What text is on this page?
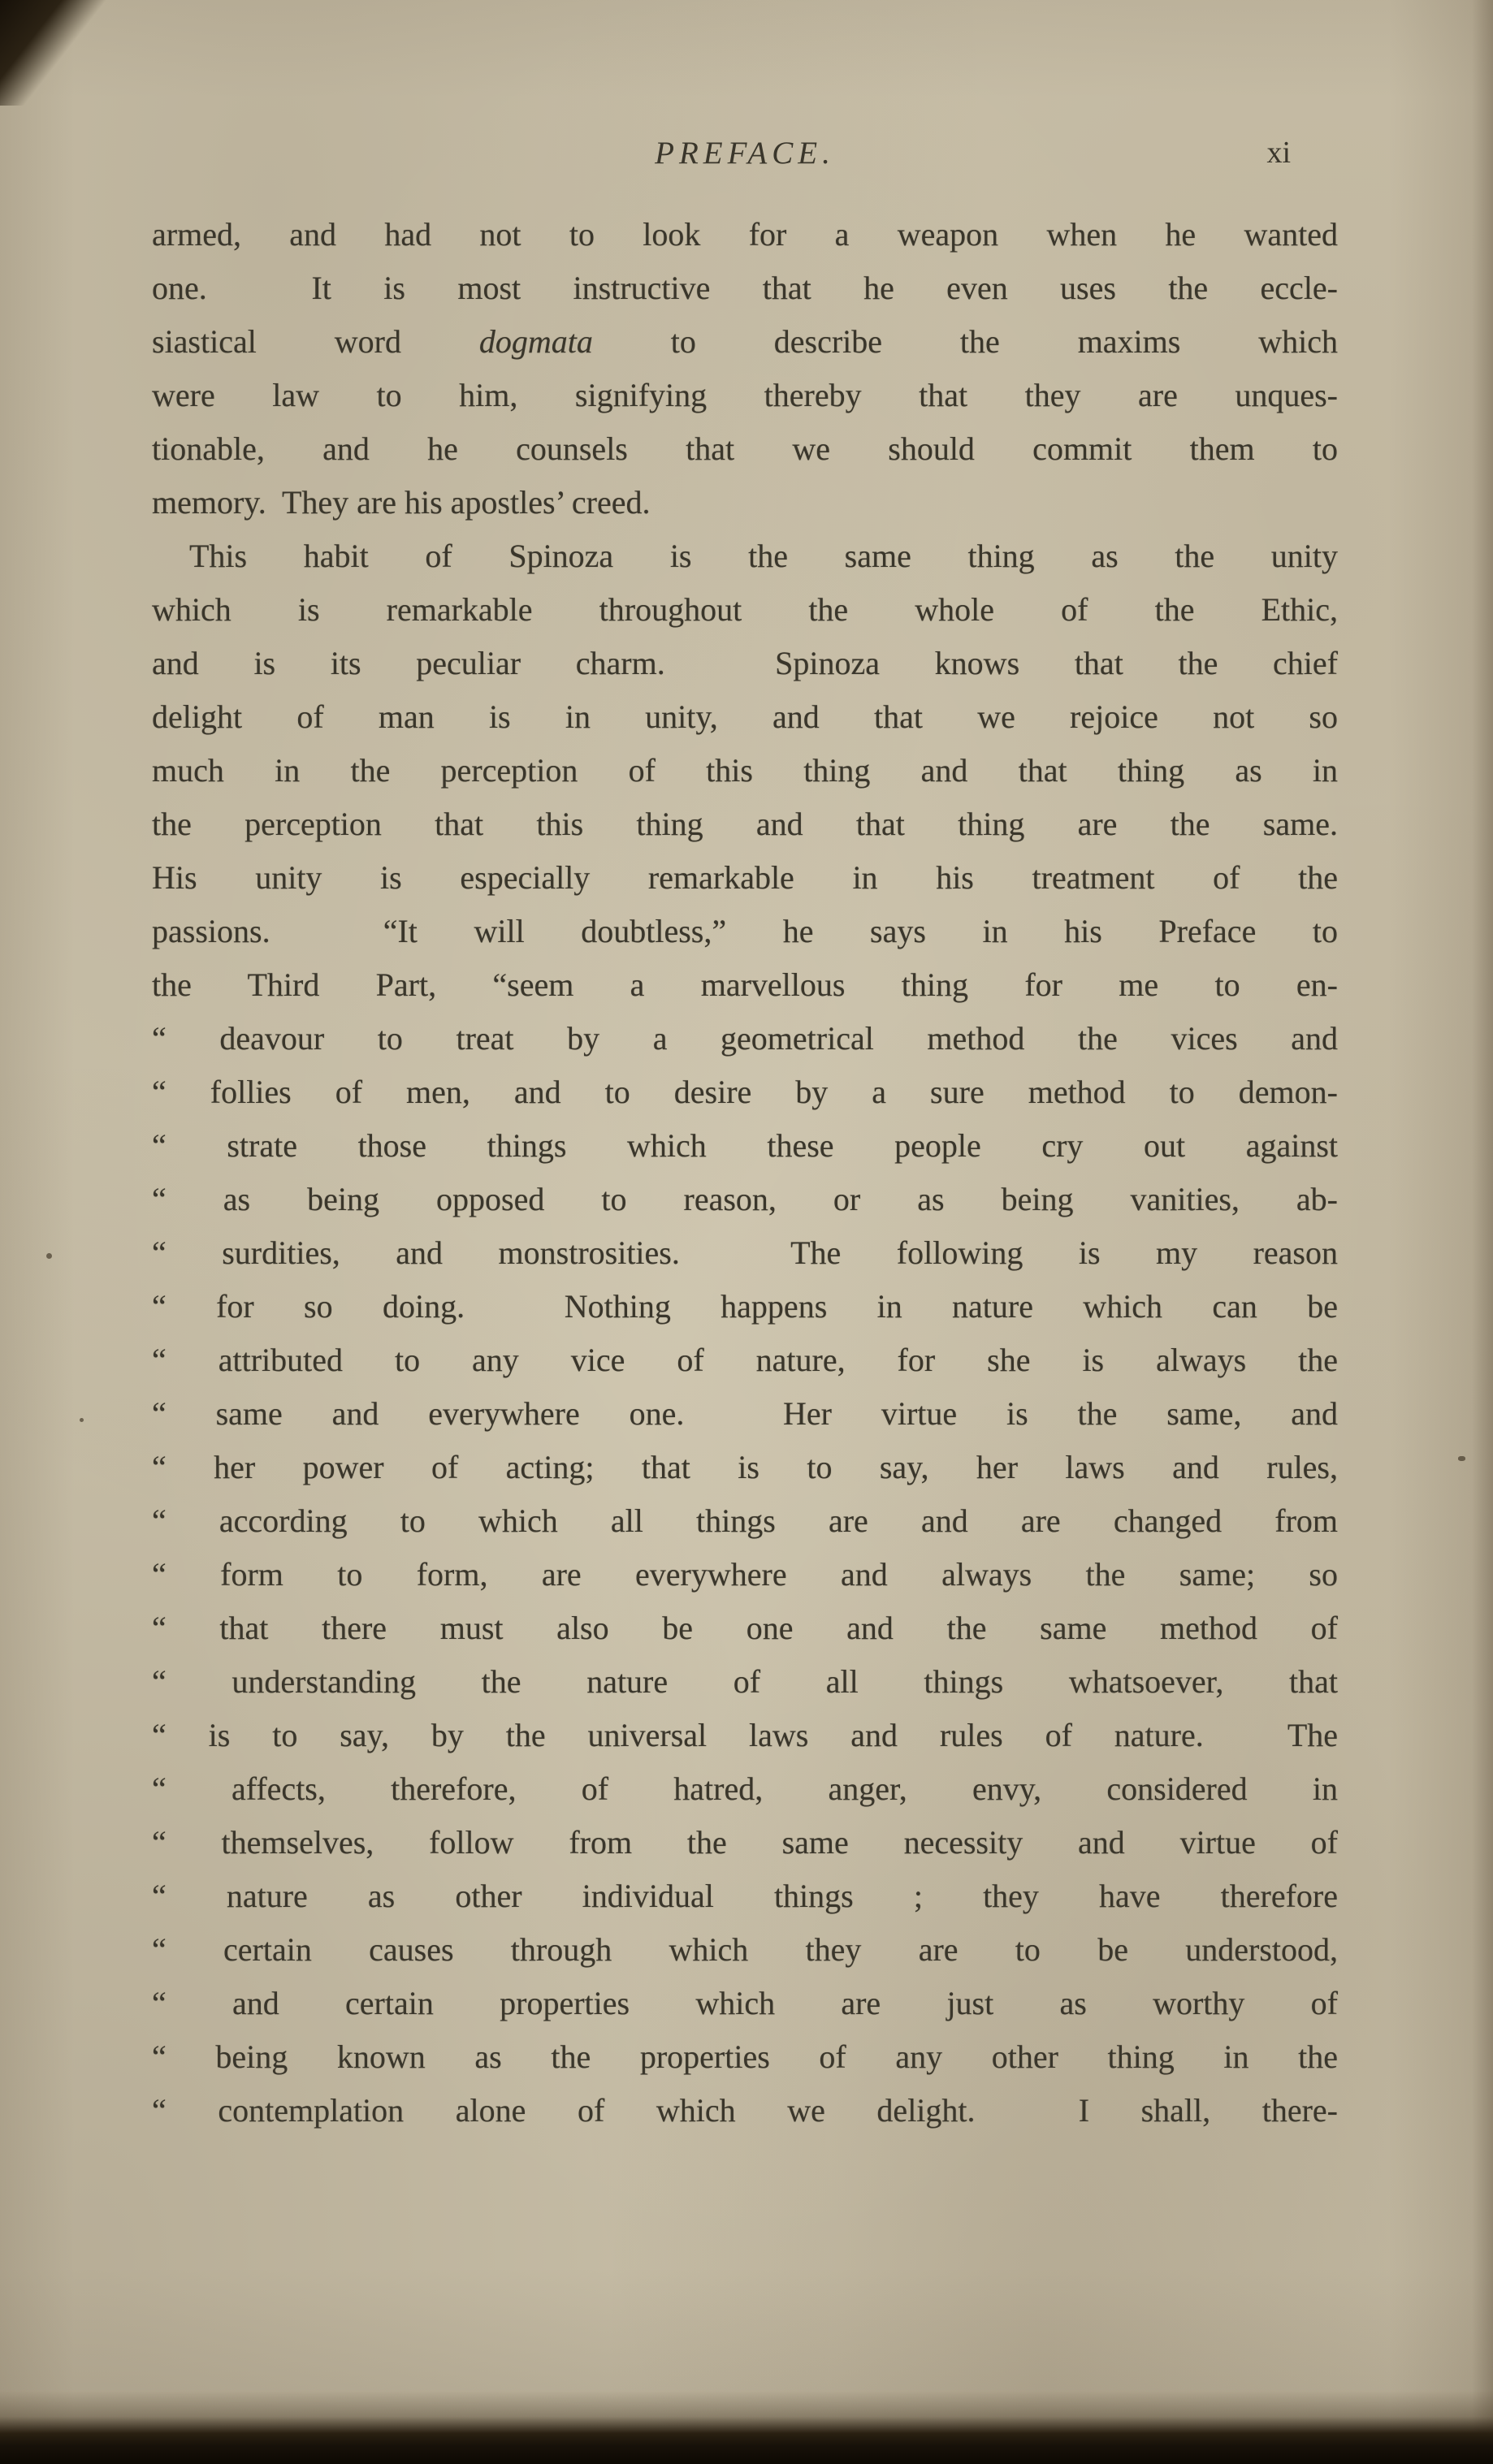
PREFACE.	xi
armed, and had not to look for a weapon when he wanted
one.  It is most instructive that he even uses the eccle-
siastical word dogmata to describe the maxims which
were law to him, signifying thereby that they are unques-
tionable, and he counsels that we should commit them to
memory.  They are his apostles’ creed.
This habit of Spinoza is the same thing as the unity
which is remarkable throughout the whole of the Ethic,
and is its peculiar charm.  Spinoza knows that the chief
delight of man is in unity, and that we rejoice not so
much in the perception of this thing and that thing as in
the perception that this thing and that thing are the same.
His unity is especially remarkable in his treatment of the
passions.  “It will doubtless,” he says in his Preface to
the Third Part, “seem a marvellous thing for me to en-
“ deavour to treat by a geometrical method the vices and
“ follies of men, and to desire by a sure method to demon-
“ strate those things which these people cry out against
“ as being opposed to reason, or as being vanities, ab-
“ surdities, and monstrosities.  The following is my reason
“ for so doing.  Nothing happens in nature which can be
“ attributed to any vice of nature, for she is always the
“ same and everywhere one.  Her virtue is the same, and
“ her power of acting; that is to say, her laws and rules,
“ according to which all things are and are changed from
“ form to form, are everywhere and always the same; so
“ that there must also be one and the same method of
“ understanding the nature of all things whatsoever, that
“ is to say, by the universal laws and rules of nature.  The
“ affects, therefore, of hatred, anger, envy, considered in
“ themselves, follow from the same necessity and virtue of
“ nature as other individual things ; they have therefore
“ certain causes through which they are to be understood,
“ and certain properties which are just as worthy of
“ being known as the properties of any other thing in the
“ contemplation alone of which we delight.  I shall, there-
